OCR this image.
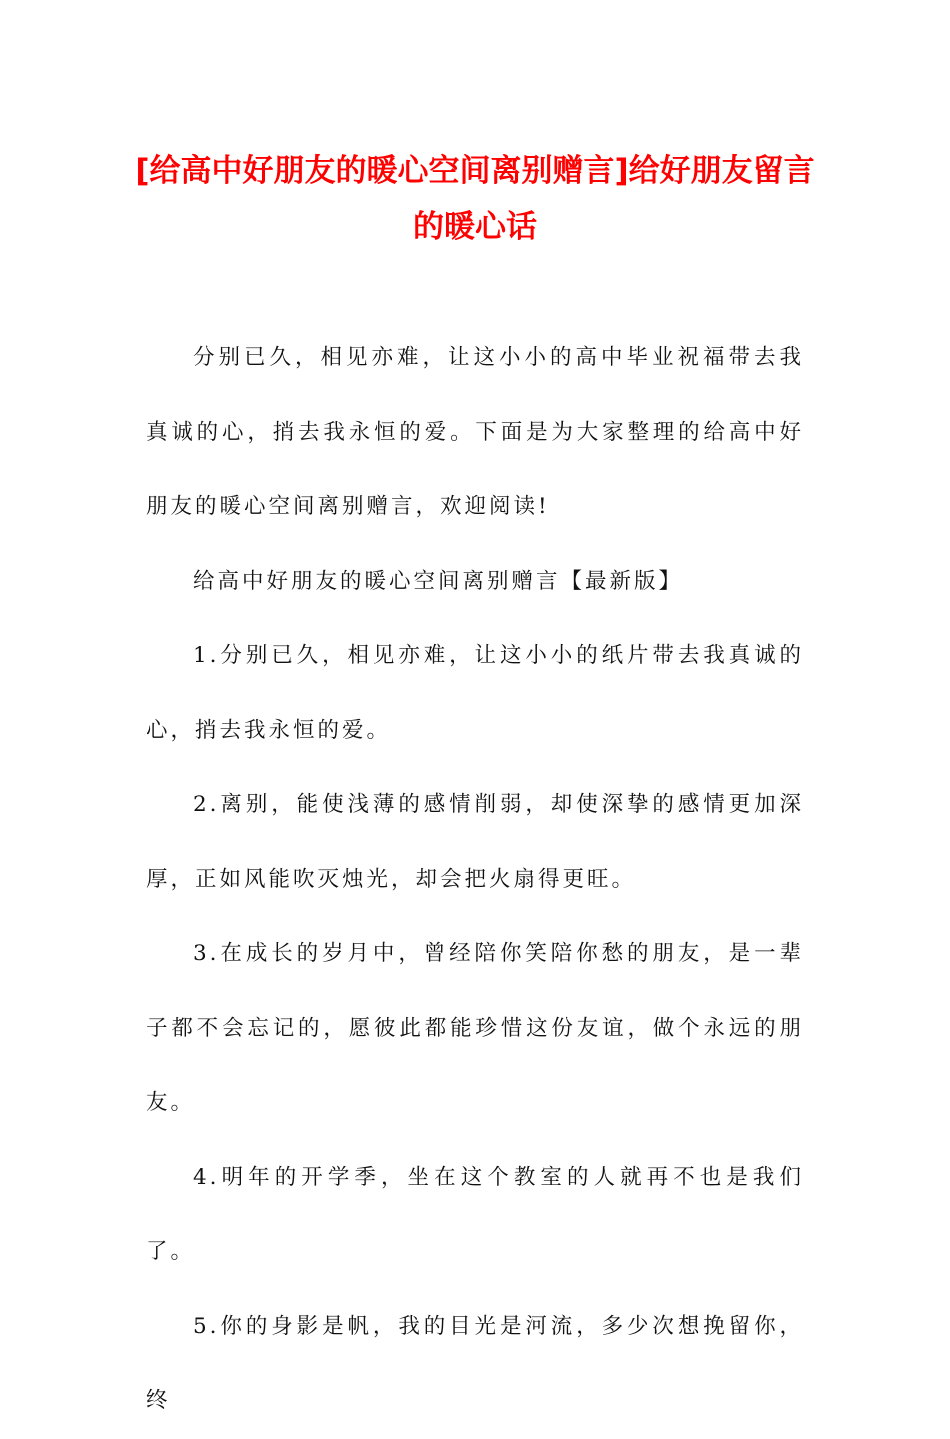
[给高中好朋友的暖心空间离别赠言]给好朋友留言的暖心话

分别已久，相见亦难，让这小小的高中毕业祝福带去我真诚的心，捎去我永恒的爱。下面是为大家整理的给高中好朋友的暖心空间离别赠言，欢迎阅读!

给高中好朋友的暖心空间离别赠言【最新版】

1.分别已久，相见亦难，让这小小的纸片带去我真诚的心，捎去我永恒的爱。

2.离别，能使浅薄的感情削弱，却使深挚的感情更加深厚，正如风能吹灭烛光，却会把火扇得更旺。

3.在成长的岁月中，曾经陪你笑陪你愁的朋友，是一辈子都不会忘记的，愿彼此都能珍惜这份友谊，做个永远的朋友。

4.明年的开学季，坐在这个教室的人就再不也是我们了。

5.你的身影是帆，我的目光是河流，多少次想挽留你，终
